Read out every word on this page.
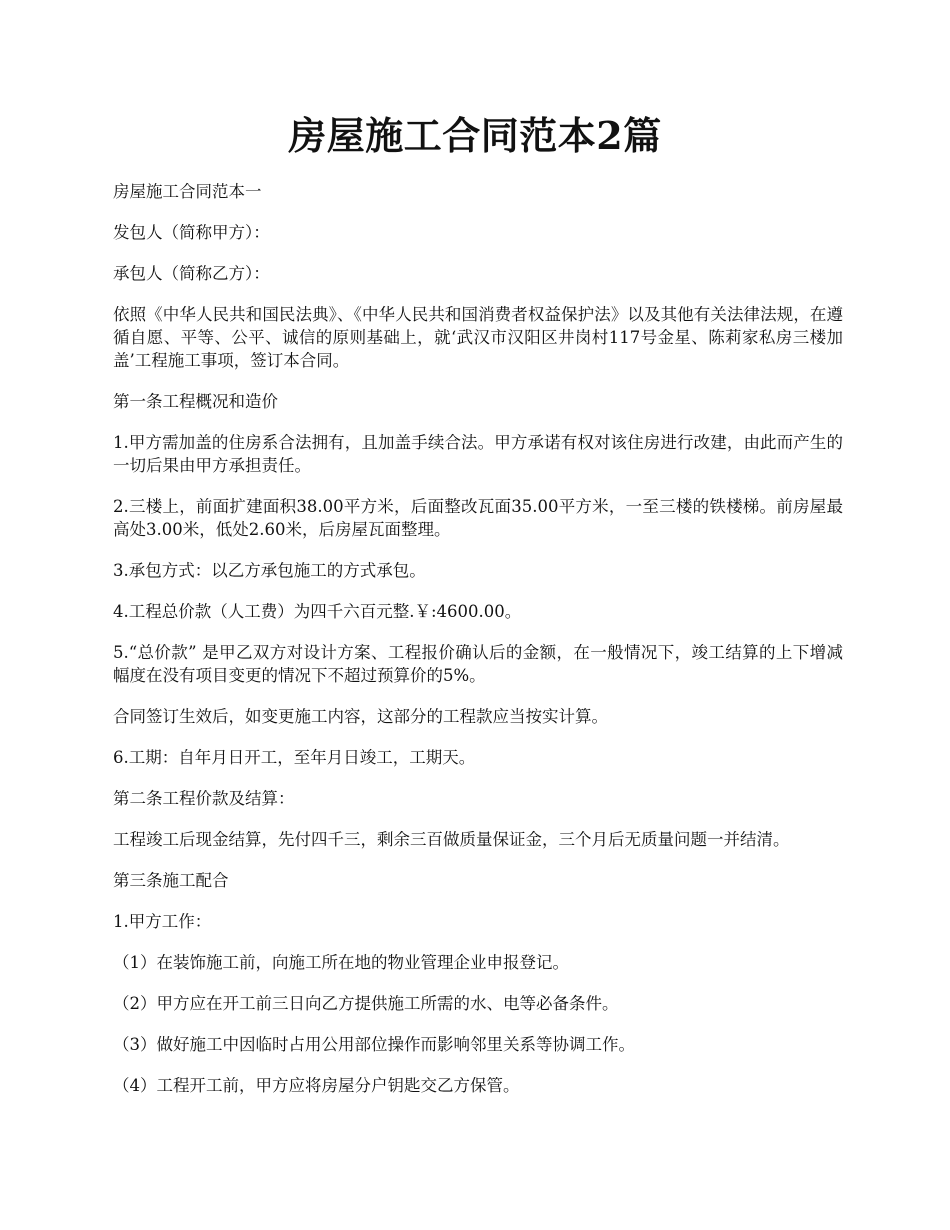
房屋施工合同范本2篇

房屋施工合同范本一

发包人（简称甲方）：

承包人（简称乙方）：

依照《中华人民共和国民法典》、《中华人民共和国消费者权益保护法》以及其他有关法律法规，在遵循自愿、平等、公平、诚信的原则基础上，就‘武汉市汉阳区井岗村117号金星、陈莉家私房三楼加盖’工程施工事项，签订本合同。

第一条工程概况和造价

1.甲方需加盖的住房系合法拥有，且加盖手续合法。甲方承诺有权对该住房进行改建，由此而产生的一切后果由甲方承担责任。

2.三楼上，前面扩建面积38.00平方米，后面整改瓦面35.00平方米，一至三楼的铁楼梯。前房屋最高处3.00米，低处2.60米，后房屋瓦面整理。

3.承包方式：以乙方承包施工的方式承包。

4.工程总价款（人工费）为四千六百元整.￥:4600.00。

5.“总价款” 是甲乙双方对设计方案、工程报价确认后的金额，在一般情况下，竣工结算的上下增减幅度在没有项目变更的情况下不超过预算价的5%。

合同签订生效后，如变更施工内容，这部分的工程款应当按实计算。

6.工期：自年月日开工，至年月日竣工，工期天。

第二条工程价款及结算：

工程竣工后现金结算，先付四千三，剩余三百做质量保证金，三个月后无质量问题一并结清。

第三条施工配合

1.甲方工作：

（1）在装饰施工前，向施工所在地的物业管理企业申报登记。

（2）甲方应在开工前三日向乙方提供施工所需的水、电等必备条件。

（3）做好施工中因临时占用公用部位操作而影响邻里关系等协调工作。

（4）工程开工前，甲方应将房屋分户钥匙交乙方保管。
